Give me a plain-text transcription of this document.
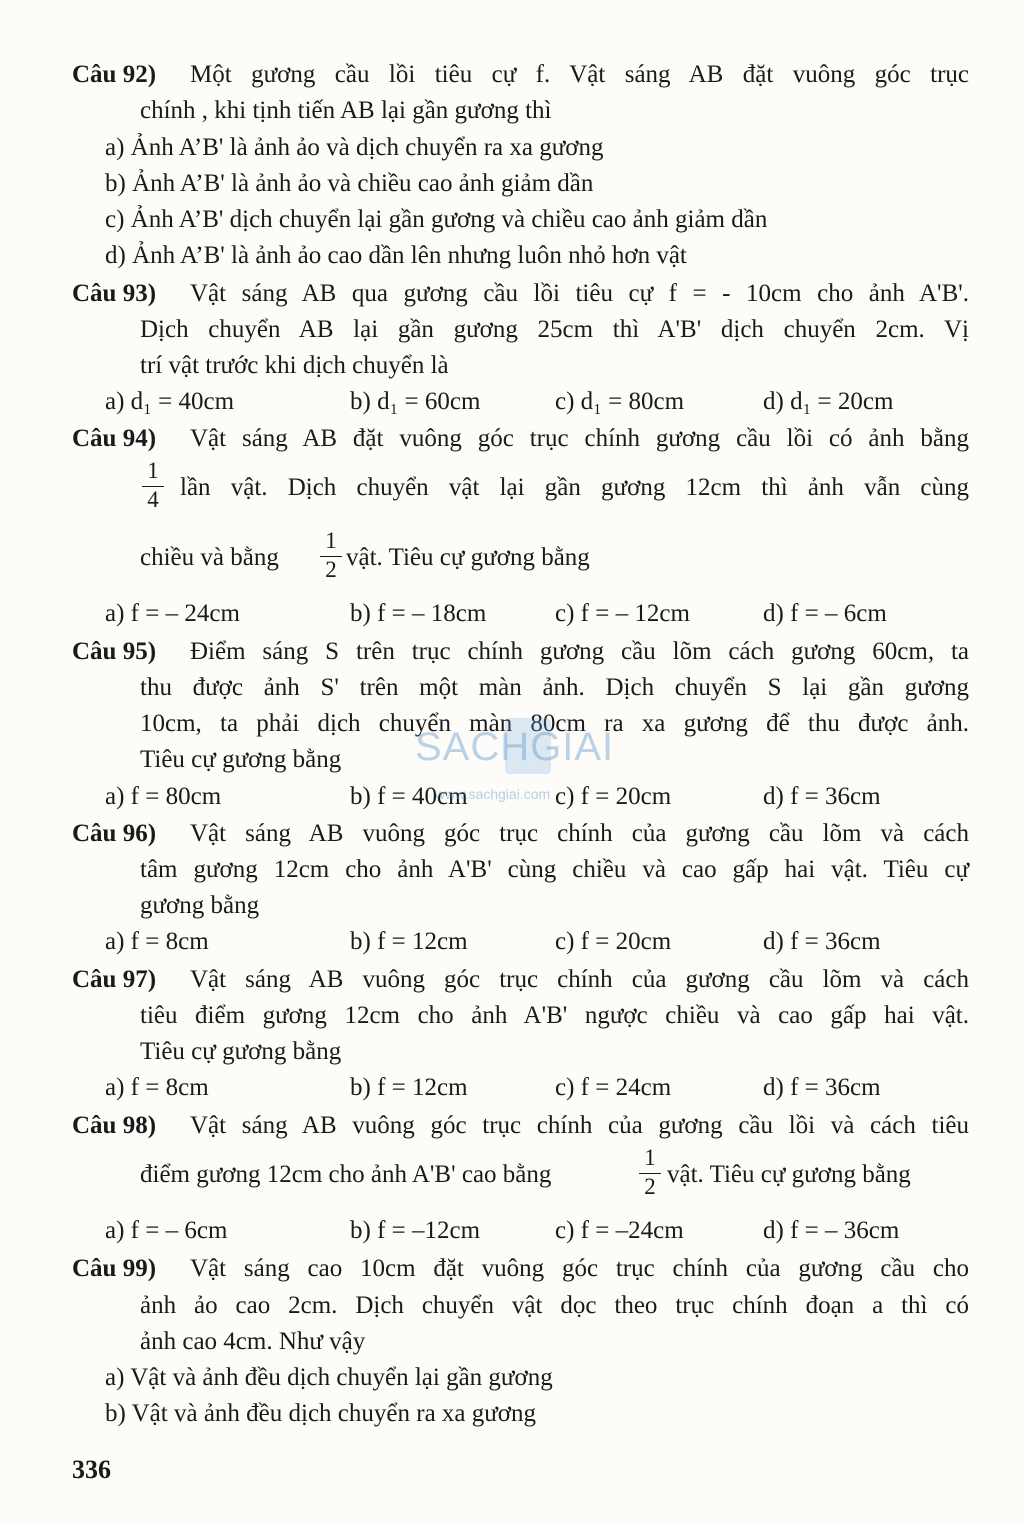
Câu 92) Một gương cầu lồi tiêu cự f. Vật sáng AB đặt vuông góc trục
chính , khi tịnh tiến AB lại gần gương thì
a) Ảnh A’B' là ảnh ảo và dịch chuyển ra xa gương
b) Ảnh A’B' là ảnh ảo và chiều cao ảnh giảm dần
c) Ảnh A’B' dịch chuyển lại gần gương và chiều cao ảnh giảm dần
d) Ảnh A’B' là ảnh ảo cao dần lên nhưng luôn nhỏ hơn vật
Câu 93) Vật sáng AB qua gương cầu lồi tiêu cự f = - 10cm cho ảnh A'B'.
Dịch chuyển AB lại gần gương 25cm thì A'B' dịch chuyển 2cm. Vị
trí vật trước khi dịch chuyển là
a) d₁ = 40cm	b) d₁ = 60cm	c) d₁ = 80cm	d) d₁ = 20cm
Câu 94) Vật sáng AB đặt vuông góc trục chính gương cầu lồi có ảnh bằng
1
4 lần vật. Dịch chuyển vật lại gần gương 12cm thì ảnh vẫn cùng
chiều và bằng	vật. Tiêu cự gương bằng
1
2
a) f = – 24cm	b) f = – 18cm	c) f = – 12cm	d) f = – 6cm
Câu 95) Điểm sáng S trên trục chính gương cầu lõm cách gương 60cm, ta
thu được ảnh S' trên một màn ảnh. Dịch chuyển S lại gần gương
10cm, ta phải dịch chuyển màn 80cm ra xa gương để thu được ảnh.
Tiêu cự gương bằng
a) f = 80cm	b) f = 40cm	c) f = 20cm	d) f = 36cm
Câu 96) Vật sáng AB vuông góc trục chính của gương cầu lõm và cách
tâm gương 12cm cho ảnh A'B' cùng chiều và cao gấp hai vật. Tiêu cự
gương bằng
a) f = 8cm	b) f = 12cm	c) f = 20cm	d) f = 36cm
Câu 97) Vật sáng AB vuông góc trục chính của gương cầu lõm và cách
tiêu điểm gương 12cm cho ảnh A'B' ngược chiều và cao gấp hai vật.
Tiêu cự gương bằng
a) f = 8cm	b) f = 12cm	c) f = 24cm	d) f = 36cm
Câu 98) Vật sáng AB vuông góc trục chính của gương cầu lồi và cách tiêu
điểm gương 12cm cho ảnh A'B' cao bằng	vật. Tiêu cự gương bằng
1
2
a) f = – 6cm	b) f = –12cm	c) f = –24cm	d) f = – 36cm
Câu 99) Vật sáng cao 10cm đặt vuông góc trục chính của gương cầu cho
ảnh ảo cao 2cm. Dịch chuyển vật dọc theo trục chính đoạn a thì có
ảnh cao 4cm. Như vậy
a) Vật và ảnh đều dịch chuyển lại gần gương
b) Vật và ảnh đều dịch chuyển ra xa gương
336
SACHGIAI
www.sachgiai.com
